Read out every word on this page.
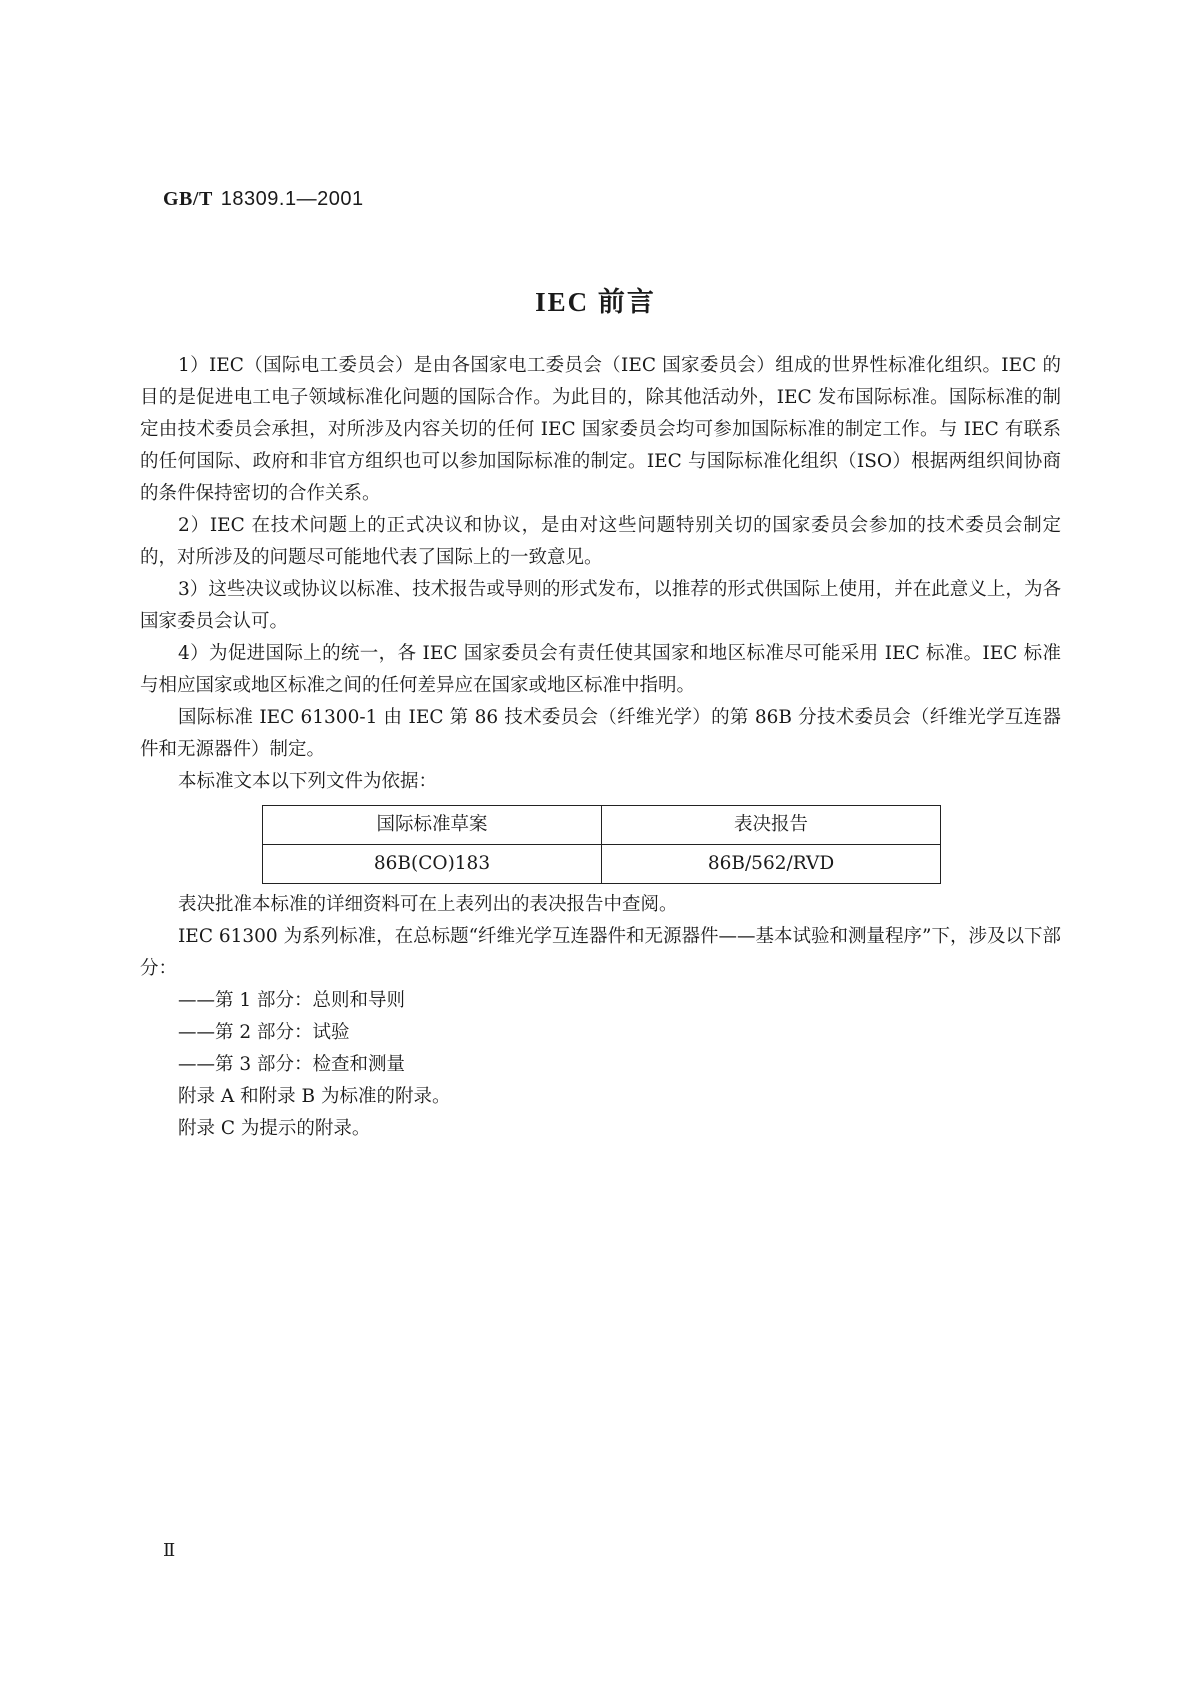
GB/T 18309.1—2001
IEC 前言

1）IEC（国际电工委员会）是由各国家电工委员会（IEC 国家委员会）组成的世界性标准化组织。IEC 的目的是促进电工电子领域标准化问题的国际合作。为此目的，除其他活动外，IEC 发布国际标准。国际标准的制定由技术委员会承担，对所涉及内容关切的任何 IEC 国家委员会均可参加国际标准的制定工作。与 IEC 有联系的任何国际、政府和非官方组织也可以参加国际标准的制定。IEC 与国际标准化组织（ISO）根据两组织间协商的条件保持密切的合作关系。

2）IEC 在技术问题上的正式决议和协议，是由对这些问题特别关切的国家委员会参加的技术委员会制定的，对所涉及的问题尽可能地代表了国际上的一致意见。

3）这些决议或协议以标准、技术报告或导则的形式发布，以推荐的形式供国际上使用，并在此意义上，为各国家委员会认可。

4）为促进国际上的统一，各 IEC 国家委员会有责任使其国家和地区标准尽可能采用 IEC 标准。IEC 标准与相应国家或地区标准之间的任何差异应在国家或地区标准中指明。

国际标准 IEC 61300-1 由 IEC 第 86 技术委员会（纤维光学）的第 86B 分技术委员会（纤维光学互连器件和无源器件）制定。

本标准文本以下列文件为依据：

国际标准草案	表决报告
86B(CO)183	86B/562/RVD

表决批准本标准的详细资料可在上表列出的表决报告中查阅。

IEC 61300 为系列标准，在总标题“纤维光学互连器件和无源器件——基本试验和测量程序”下，涉及以下部分：

——第 1 部分：总则和导则

——第 2 部分：试验

——第 3 部分：检查和测量

附录 A 和附录 B 为标准的附录。

附录 C 为提示的附录。

Ⅱ
